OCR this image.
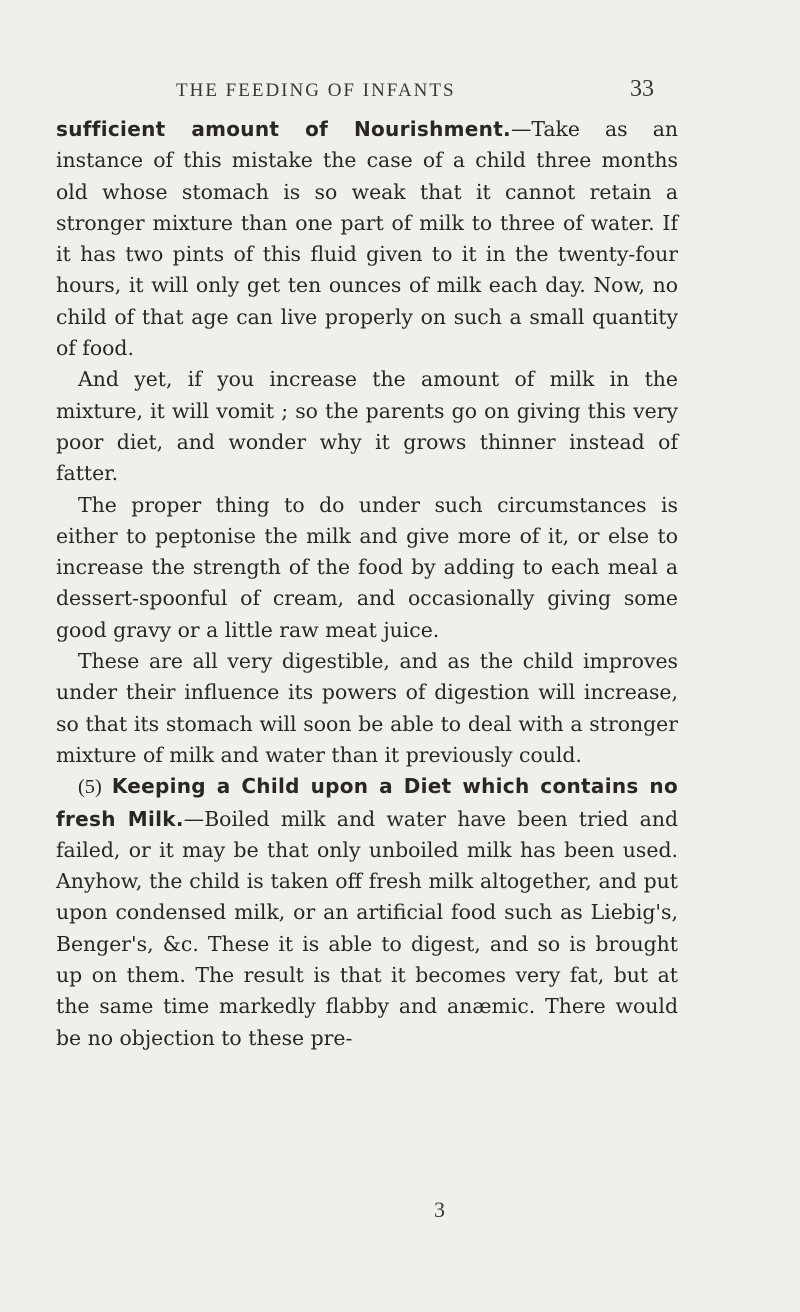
THE FEEDING OF INFANTS	33

sufficient amount of Nourishment.—Take as an instance of this mistake the case of a child three months old whose stomach is so weak that it cannot retain a stronger mixture than one part of milk to three of water. If it has two pints of this fluid given to it in the twenty-four hours, it will only get ten ounces of milk each day. Now, no child of that age can live properly on such a small quantity of food.

And yet, if you increase the amount of milk in the mixture, it will vomit ; so the parents go on giving this very poor diet, and wonder why it grows thinner instead of fatter.

The proper thing to do under such circumstances is either to peptonise the milk and give more of it, or else to increase the strength of the food by adding to each meal a dessert-spoonful of cream, and occasionally giving some good gravy or a little raw meat juice.

These are all very digestible, and as the child improves under their influence its powers of digestion will increase, so that its stomach will soon be able to deal with a stronger mixture of milk and water than it previously could.

(5) Keeping a Child upon a Diet which contains no fresh Milk.—Boiled milk and water have been tried and failed, or it may be that only unboiled milk has been used. Anyhow, the child is taken off fresh milk altogether, and put upon condensed milk, or an artificial food such as Liebig's, Benger's, &c. These it is able to digest, and so is brought up on them. The result is that it becomes very fat, but at the same time markedly flabby and anæmic. There would be no objection to these pre-

3
